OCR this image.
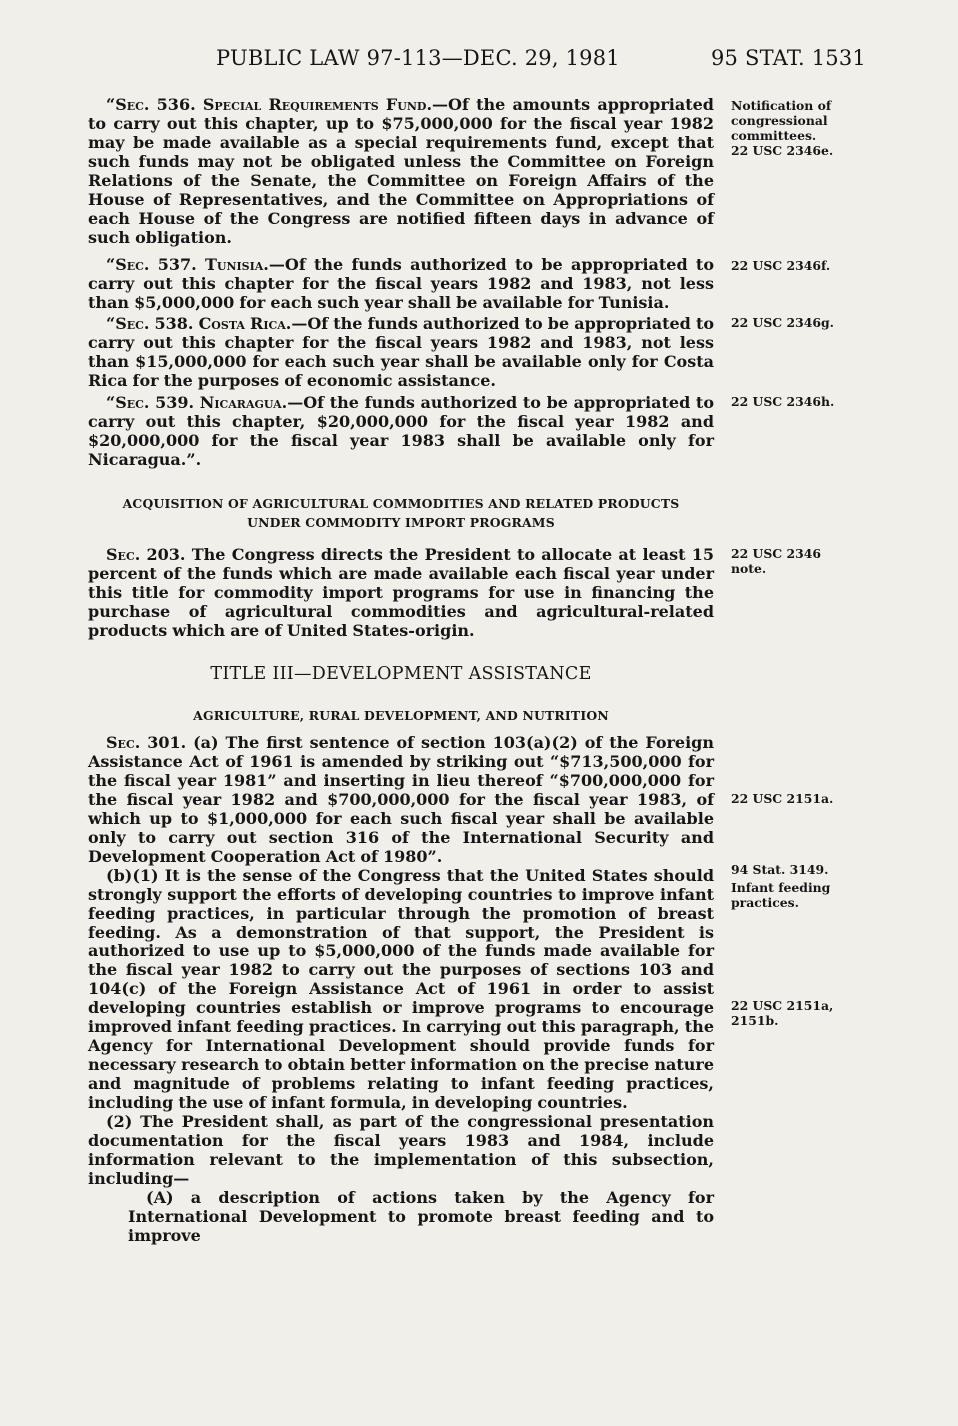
PUBLIC LAW 97-113—DEC. 29, 1981	95 STAT. 1531

“Sec. 536. Special Requirements Fund.—Of the amounts appropriated to carry out this chapter, up to $75,000,000 for the fiscal year 1982 may be made available as a special requirements fund, except that such funds may not be obligated unless the Committee on Foreign Relations of the Senate, the Committee on Foreign Affairs of the House of Representatives, and the Committee on Appropriations of each House of the Congress are notified fifteen days in advance of such obligation.

“Sec. 537. Tunisia.—Of the funds authorized to be appropriated to carry out this chapter for the fiscal years 1982 and 1983, not less than $5,000,000 for each such year shall be available for Tunisia.

“Sec. 538. Costa Rica.—Of the funds authorized to be appropriated to carry out this chapter for the fiscal years 1982 and 1983, not less than $15,000,000 for each such year shall be available only for Costa Rica for the purposes of economic assistance.

“Sec. 539. Nicaragua.—Of the funds authorized to be appropriated to carry out this chapter, $20,000,000 for the fiscal year 1982 and $20,000,000 for the fiscal year 1983 shall be available only for Nicaragua.”.

ACQUISITION OF AGRICULTURAL COMMODITIES AND RELATED PRODUCTS

UNDER COMMODITY IMPORT PROGRAMS

Sec. 203. The Congress directs the President to allocate at least 15 percent of the funds which are made available each fiscal year under this title for commodity import programs for use in financing the purchase of agricultural commodities and agricultural-related products which are of United States-origin.

TITLE III—DEVELOPMENT ASSISTANCE

AGRICULTURE, RURAL DEVELOPMENT, AND NUTRITION

Sec. 301. (a) The first sentence of section 103(a)(2) of the Foreign Assistance Act of 1961 is amended by striking out “$713,500,000 for the fiscal year 1981” and inserting in lieu thereof “$700,000,000 for the fiscal year 1982 and $700,000,000 for the fiscal year 1983, of which up to $1,000,000 for each such fiscal year shall be available only to carry out section 316 of the International Security and Development Cooperation Act of 1980”.

(b)(1) It is the sense of the Congress that the United States should strongly support the efforts of developing countries to improve infant feeding practices, in particular through the promotion of breast feeding. As a demonstration of that support, the President is authorized to use up to $5,000,000 of the funds made available for the fiscal year 1982 to carry out the purposes of sections 103 and 104(c) of the Foreign Assistance Act of 1961 in order to assist developing countries establish or improve programs to encourage improved infant feeding practices. In carrying out this paragraph, the Agency for International Development should provide funds for necessary research to obtain better information on the precise nature and magnitude of problems relating to infant feeding practices, including the use of infant formula, in developing countries.

(2) The President shall, as part of the congressional presentation documentation for the fiscal years 1983 and 1984, include information relevant to the implementation of this subsection, including—

(A) a description of actions taken by the Agency for International Development to promote breast feeding and to improve

Notification of congressional committees.
22 USC 2346e.
22 USC 2346f.
22 USC 2346g.
22 USC 2346h.
22 USC 2346 note.
22 USC 2151a.
94 Stat. 3149.
Infant feeding practices.
22 USC 2151a, 2151b.
